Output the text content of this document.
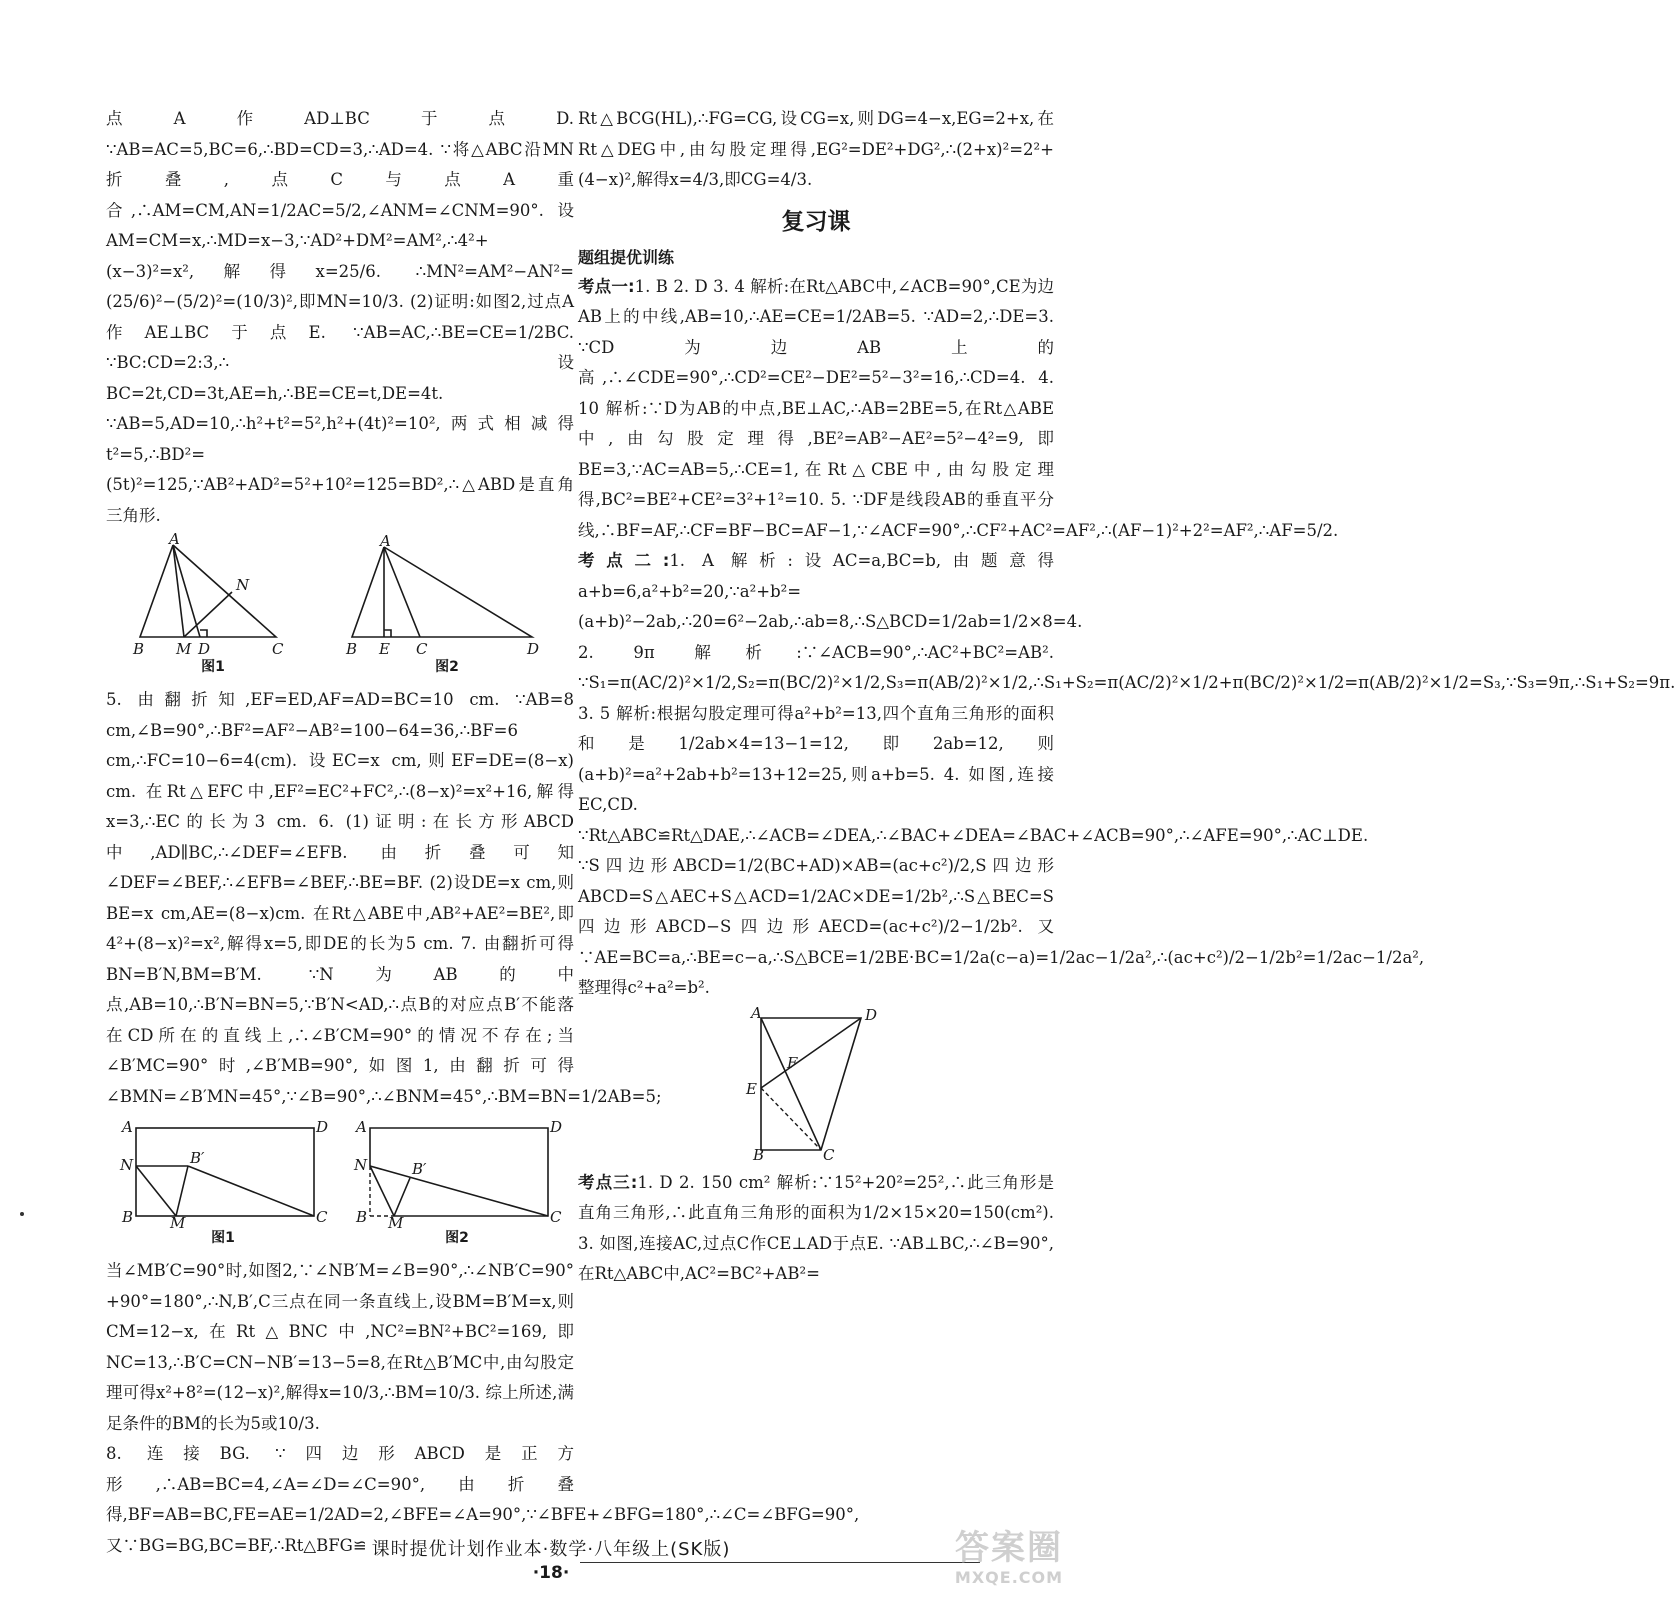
点A作AD⊥BC于点D. ∵AB=AC=5,BC=6,∴BD=CD=3,∴AD=4. ∵将△ABC沿MN折叠,点C与点A重合,∴AM=CM,AN=1/2AC=5/2,∠ANM=∠CNM=90°. 设AM=CM=x,∴MD=x−3,∵AD²+DM²=AM²,∴4²+(x−3)²=x²,解得x=25/6. ∴MN²=AM²−AN²=(25/6)²−(5/2)²=(10/3)²,即MN=10/3. (2)证明:如图2,过点A作AE⊥BC于点E. ∵AB=AC,∴BE=CE=1/2BC. ∵BC:CD=2:3,∴设BC=2t,CD=3t,AE=h,∴BE=CE=t,DE=4t. ∵AB=5,AD=10,∴h²+t²=5²,h²+(4t)²=10²,两式相减得t²=5,∴BD²=(5t)²=125,∵AB²+AD²=5²+10²=125=BD²,∴△ABD是直角三角形.

A
N
B M D	C
图1
A
B E C	D
图2

5. 由翻折知,EF=ED,AF=AD=BC=10 cm. ∵AB=8 cm,∠B=90°,∴BF²=AF²−AB²=100−64=36,∴BF=6 cm,∴FC=10−6=4(cm). 设EC=x cm,则EF=DE=(8−x) cm. 在Rt△EFC中,EF²=EC²+FC²,∴(8−x)²=x²+16,解得x=3,∴EC的长为3 cm. 6. (1)证明:在长方形ABCD中,AD∥BC,∴∠DEF=∠EFB. 由折叠可知∠DEF=∠BEF,∴∠EFB=∠BEF,∴BE=BF. (2)设DE=x cm,则BE=x cm,AE=(8−x)cm. 在Rt△ABE中,AB²+AE²=BE²,即4²+(8−x)²=x²,解得x=5,即DE的长为5 cm. 7. 由翻折可得BN=B′N,BM=B′M. ∵N为AB的中点,AB=10,∴B′N=BN=5,∵B′N<AD,∴点B的对应点B′不能落在CD所在的直线上,∴∠B′CM=90°的情况不存在;当∠B′MC=90°时,∠B′MB=90°,如图1,由翻折可得∠BMN=∠B′MN=45°,∵∠B=90°,∴∠BNM=45°,∴BM=BN=1/2AB=5;

A	D
N	B′
B M	C
图1
A	D
N	B′
B M	C
图2

当∠MB′C=90°时,如图2,∵∠NB′M=∠B=90°,∴∠NB′C=90°+90°=180°,∴N,B′,C三点在同一条直线上,设BM=B′M=x,则CM=12−x,在Rt△BNC中,NC²=BN²+BC²=169,即NC=13,∴B′C=CN−NB′=13−5=8,在Rt△B′MC中,由勾股定理可得x²+8²=(12−x)²,解得x=10/3,∴BM=10/3. 综上所述,满足条件的BM的长为5或10/3.

8. 连接BG. ∵四边形ABCD是正方形,∴AB=BC=4,∠A=∠D=∠C=90°,由折叠得,BF=AB=BC,FE=AE=1/2AD=2,∠BFE=∠A=90°,∵∠BFE+∠BFG=180°,∴∠C=∠BFG=90°,又∵BG=BG,BC=BF,∴Rt△BFG≌

Rt△BCG(HL),∴FG=CG,设CG=x,则DG=4−x,EG=2+x,在Rt△DEG中,由勾股定理得,EG²=DE²+DG²,∴(2+x)²=2²+(4−x)²,解得x=4/3,即CG=4/3.

复习课
题组提优训练

考点一:1. B 2. D 3. 4 解析:在Rt△ABC中,∠ACB=90°,CE为边AB上的中线,AB=10,∴AE=CE=1/2AB=5. ∵AD=2,∴DE=3. ∵CD为边AB上的高,∴∠CDE=90°,∴CD²=CE²−DE²=5²−3²=16,∴CD=4. 4. 10 解析:∵D为AB的中点,BE⊥AC,∴AB=2BE=5,在Rt△ABE中,由勾股定理得,BE²=AB²−AE²=5²−4²=9,即BE=3,∵AC=AB=5,∴CE=1,在Rt△CBE中,由勾股定理得,BC²=BE²+CE²=3²+1²=10. 5. ∵DF是线段AB的垂直平分线,∴BF=AF,∴CF=BF−BC=AF−1,∵∠ACF=90°,∴CF²+AC²=AF²,∴(AF−1)²+2²=AF²,∴AF=5/2.

考点二:1. A 解析:设AC=a,BC=b,由题意得a+b=6,a²+b²=20,∵a²+b²=(a+b)²−2ab,∴20=6²−2ab,∴ab=8,∴S△BCD=1/2ab=1/2×8=4. 2. 9π 解析:∵∠ACB=90°,∴AC²+BC²=AB². ∵S₁=π(AC/2)²×1/2,S₂=π(BC/2)²×1/2,S₃=π(AB/2)²×1/2,∴S₁+S₂=π(AC/2)²×1/2+π(BC/2)²×1/2=π(AB/2)²×1/2=S₃,∵S₃=9π,∴S₁+S₂=9π. 3. 5 解析:根据勾股定理可得a²+b²=13,四个直角三角形的面积和是1/2ab×4=13−1=12,即2ab=12,则(a+b)²=a²+2ab+b²=13+12=25,则a+b=5. 4. 如图,连接EC,CD. ∵Rt△ABC≌Rt△DAE,∴∠ACB=∠DEA,∴∠BAC+∠DEA=∠BAC+∠ACB=90°,∴∠AFE=90°,∴AC⊥DE. ∵S四边形ABCD=1/2(BC+AD)×AB=(ac+c²)/2,S四边形ABCD=S△AEC+S△ACD=1/2AC×DE=1/2b²,∴S△BEC=S四边形ABCD−S四边形AECD=(ac+c²)/2−1/2b². 又∵AE=BC=a,∴BE=c−a,∴S△BCE=1/2BE·BC=1/2a(c−a)=1/2ac−1/2a²,∴(ac+c²)/2−1/2b²=1/2ac−1/2a²,整理得c²+a²=b².

A	D
F
E
B	C

考点三:1. D 2. 150 cm² 解析:∵15²+20²=25²,∴此三角形是直角三角形,∴此直角三角形的面积为1/2×15×20=150(cm²). 3. 如图,连接AC,过点C作CE⊥AD于点E. ∵AB⊥BC,∴∠B=90°,在Rt△ABC中,AC²=BC²+AB²=

课时提优计划作业本·数学·八年级上(SK版)
·18·
答案圈
MXQE.COM
